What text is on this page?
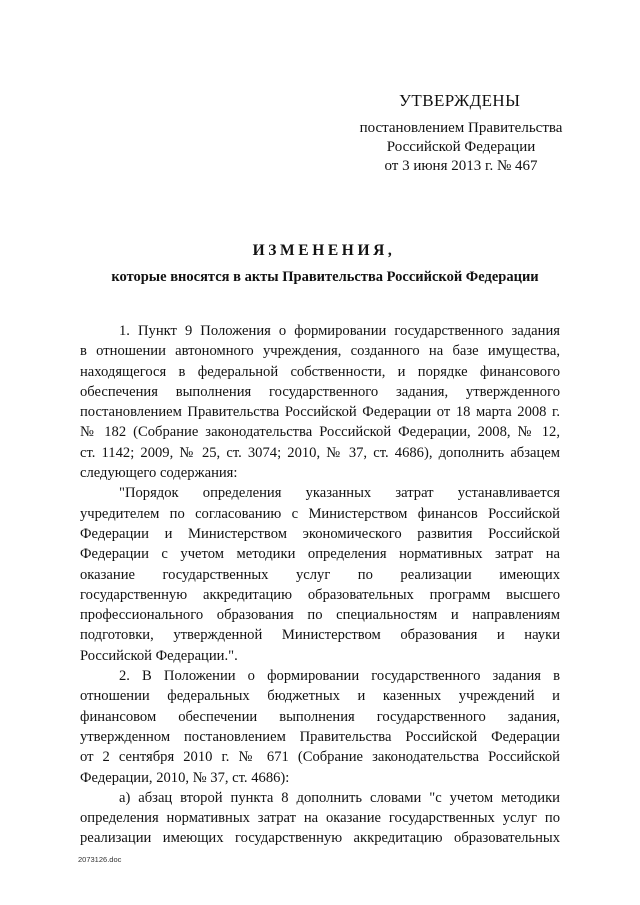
УТВЕРЖДЕНЫ
постановлением Правительства
Российской Федерации
от 3 июня 2013 г. № 467
ИЗМЕНЕНИЯ,
которые вносятся в акты Правительства Российской Федерации

1. Пункт 9 Положения о формировании государственного задания
в отношении автономного учреждения, созданного на базе имущества,
находящегося в федеральной собственности, и порядке финансового
обеспечения выполнения государственного задания, утвержденного
постановлением Правительства Российской Федерации от 18 марта 2008 г.
№ 182 (Собрание законодательства Российской Федерации, 2008, № 12,
ст. 1142; 2009, № 25, ст. 3074; 2010, № 37, ст. 4686), дополнить абзацем
следующего содержания:

"Порядок определения указанных затрат устанавливается
учредителем по согласованию с Министерством финансов Российской
Федерации и Министерством экономического развития Российской
Федерации с учетом методики определения нормативных затрат на
оказание государственных услуг по реализации имеющих
государственную аккредитацию образовательных программ высшего
профессионального образования по специальностям и направлениям
подготовки, утвержденной Министерством образования и науки
Российской Федерации.".

2. В Положении о формировании государственного задания в
отношении федеральных бюджетных и казенных учреждений и
финансовом обеспечении выполнения государственного задания,
утвержденном постановлением Правительства Российской Федерации
от 2 сентября 2010 г. № 671 (Собрание законодательства Российской
Федерации, 2010, № 37, ст. 4686):

а) абзац второй пункта 8 дополнить словами "с учетом методики
определения нормативных затрат на оказание государственных услуг по
реализации имеющих государственную аккредитацию образовательных

2073126.doc
